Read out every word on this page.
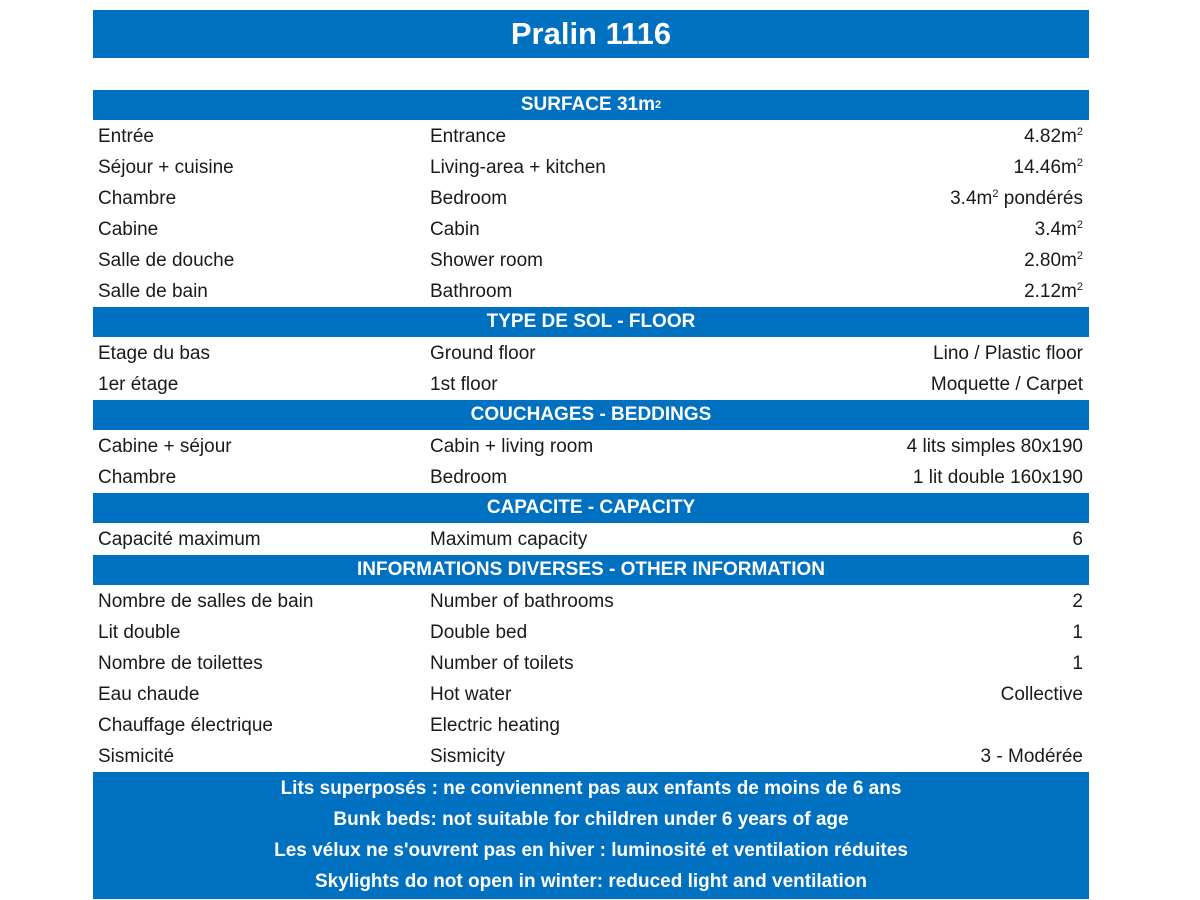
Pralin 1116
SURFACE 31m 2
Entrée	Entrance	$4.82m^2$
Séjour + cuisine	Living-area + kitchen	$14.46m^2$
Chambre	Bedroom	$3.4m^2$ pondérés
Cabine	Cabin	$3.4m^2$
Salle de douche	Shower room	$2.80m^2$
Salle de bain	Bathroom	$2.12m^2$
TYPE DE SOL - FLOOR
Etage du bas	Ground floor	Lino / Plastic floor
1er étage	1st floor	Moquette / Carpet
COUCHAGES - BEDDINGS
Cabine + séjour	Cabin + living room	4 lits simples 80x190
Chambre	Bedroom	1 lit double 160x190
CAPACITE - CAPACITY
Capacité maximum	Maximum capacity	6
INFORMATIONS DIVERSES - OTHER INFORMATION
Nombre de salles de bain	Number of bathrooms	2
Lit double	Double bed	1
Nombre de toilettes	Number of toilets	1
Eau chaude	Hot water	Collective
Chauffage électrique	Electric heating
Sismicité	Sismicity	3 - Modérée
Lits superposés : ne conviennent pas aux enfants de moins de 6 ans
Bunk beds: not suitable for children under 6 years of age
Les vélux ne s'ouvrent pas en hiver : luminosité et ventilation réduites
Skylights do not open in winter: reduced light and ventilation
